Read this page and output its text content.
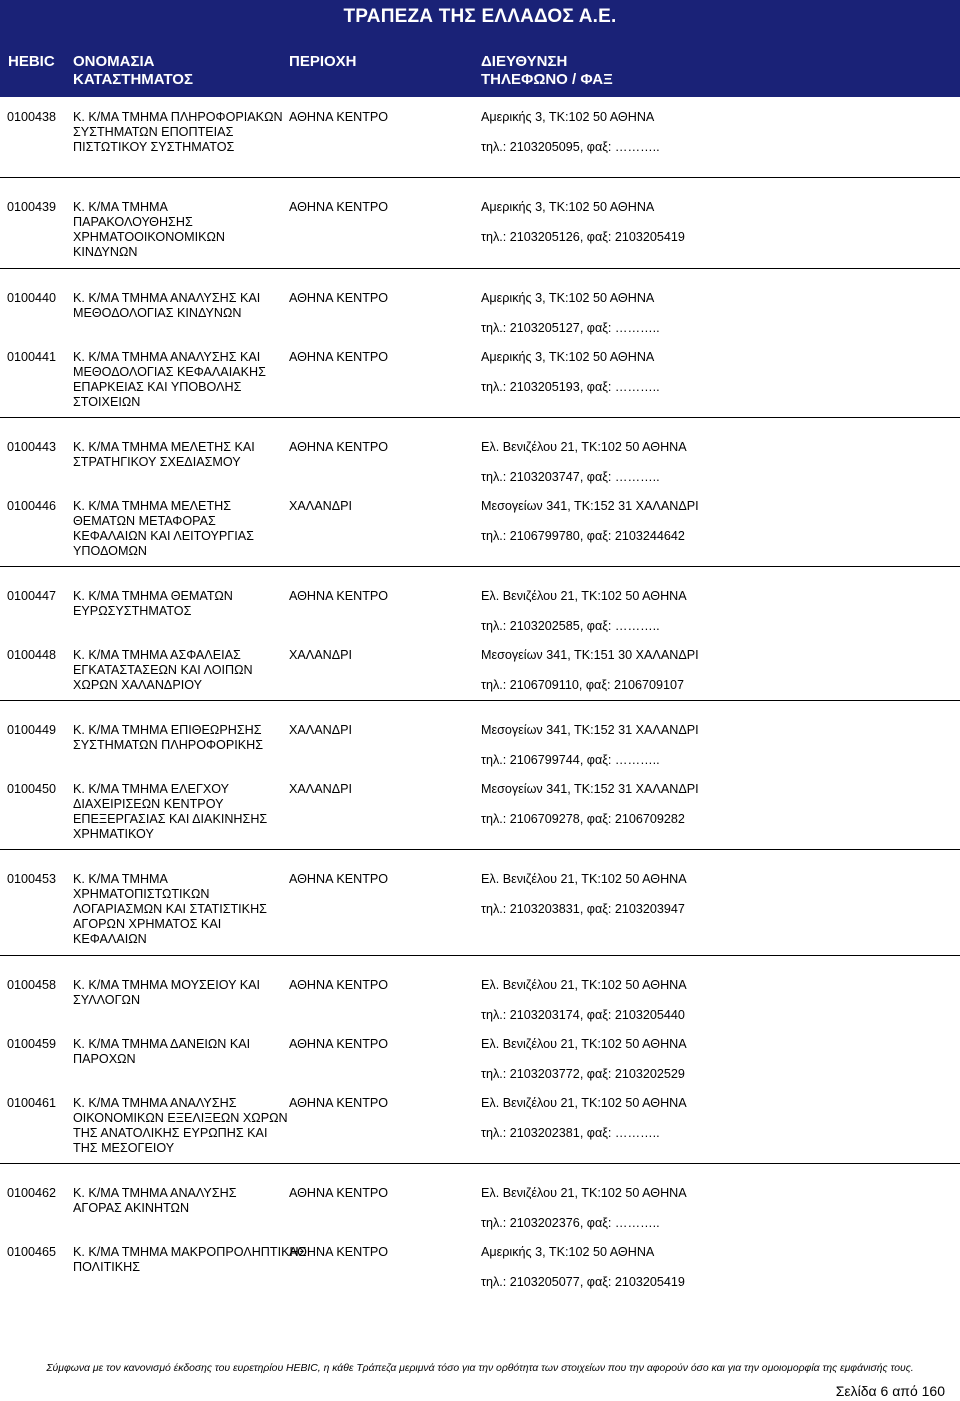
ΤΡΑΠΕΖΑ ΤΗΣ ΕΛΛΑΔΟΣ Α.Ε.
HEBIC ΟΝΟΜΑΣΙΑ
ΚΑΤΑΣΤΗΜΑΤΟΣ
ΠΕΡΙΟΧΗ	ΔΙΕΥΘΥΝΣΗ
ΤΗΛΕΦΩΝΟ / ΦΑΞ
0100438 Κ. Κ/ΜΑ ΤΜΗΜΑ ΠΛΗΡΟΦΟΡΙΑΚΩΝ ΣΥΣΤΗΜΑΤΩΝ ΕΠΟΠΤΕΙΑΣ ΠΙΣΤΩΤΙΚΟΥ ΣΥΣΤΗΜΑΤΟΣ
ΑΘΗΝΑ ΚΕΝΤΡΟ	Αμερικής 3, ΤΚ:102 50 ΑΘΗΝΑ
τηλ.: 2103205095, φαξ: ………..
0100439 Κ. Κ/ΜΑ ΤΜΗΜΑ ΠΑΡΑΚΟΛΟΥΘΗΣΗΣ ΧΡΗΜΑΤΟΟΙΚΟΝΟΜΙΚΩΝ ΚΙΝΔΥΝΩΝ
ΑΘΗΝΑ ΚΕΝΤΡΟ	Αμερικής 3, ΤΚ:102 50 ΑΘΗΝΑ
τηλ.: 2103205126, φαξ: 2103205419
0100440 Κ. Κ/ΜΑ ΤΜΗΜΑ ΑΝΑΛΥΣΗΣ ΚΑΙ ΜΕΘΟΔΟΛΟΓΙΑΣ ΚΙΝΔΥΝΩΝ
ΑΘΗΝΑ ΚΕΝΤΡΟ	Αμερικής 3, ΤΚ:102 50 ΑΘΗΝΑ
τηλ.: 2103205127, φαξ: ………..
0100441 Κ. Κ/ΜΑ ΤΜΗΜΑ ΑΝΑΛΥΣΗΣ ΚΑΙ ΜΕΘΟΔΟΛΟΓΙΑΣ ΚΕΦΑΛΑΙΑΚΗΣ ΕΠΑΡΚΕΙΑΣ ΚΑΙ ΥΠΟΒΟΛΗΣ ΣΤΟΙΧΕΙΩΝ
ΑΘΗΝΑ ΚΕΝΤΡΟ	Αμερικής 3, ΤΚ:102 50 ΑΘΗΝΑ
τηλ.: 2103205193, φαξ: ………..
0100443 Κ. Κ/ΜΑ ΤΜΗΜΑ ΜΕΛΕΤΗΣ ΚΑΙ ΣΤΡΑΤΗΓΙΚΟΥ ΣΧΕΔΙΑΣΜΟΥ
ΑΘΗΝΑ ΚΕΝΤΡΟ	Ελ. Βενιζέλου 21, ΤΚ:102 50 ΑΘΗΝΑ
τηλ.: 2103203747, φαξ: ………..
0100446 Κ. Κ/ΜΑ ΤΜΗΜΑ ΜΕΛΕΤΗΣ ΘΕΜΑΤΩΝ ΜΕΤΑΦΟΡΑΣ ΚΕΦΑΛΑΙΩΝ ΚΑΙ ΛΕΙΤΟΥΡΓΙΑΣ ΥΠΟΔΟΜΩΝ
ΧΑΛΑΝΔΡΙ	Μεσογείων 341, ΤΚ:152 31 ΧΑΛΑΝΔΡΙ
τηλ.: 2106799780, φαξ: 2103244642
0100447 Κ. Κ/ΜΑ ΤΜΗΜΑ ΘΕΜΑΤΩΝ ΕΥΡΩΣΥΣΤΗΜΑΤΟΣ
ΑΘΗΝΑ ΚΕΝΤΡΟ	Ελ. Βενιζέλου 21, ΤΚ:102 50 ΑΘΗΝΑ
τηλ.: 2103202585, φαξ: ………..
0100448 Κ. Κ/ΜΑ ΤΜΗΜΑ ΑΣΦΑΛΕΙΑΣ ΕΓΚΑΤΑΣΤΑΣΕΩΝ ΚΑΙ ΛΟΙΠΩΝ ΧΩΡΩΝ ΧΑΛΑΝΔΡΙΟΥ
ΧΑΛΑΝΔΡΙ	Μεσογείων 341, ΤΚ:151 30 ΧΑΛΑΝΔΡΙ
τηλ.: 2106709110, φαξ: 2106709107
0100449 Κ. Κ/ΜΑ ΤΜΗΜΑ ΕΠΙΘΕΩΡΗΣΗΣ ΣΥΣΤΗΜΑΤΩΝ ΠΛΗΡΟΦΟΡΙΚΗΣ
ΧΑΛΑΝΔΡΙ	Μεσογείων 341, ΤΚ:152 31 ΧΑΛΑΝΔΡΙ
τηλ.: 2106799744, φαξ: ………..
0100450 Κ. Κ/ΜΑ ΤΜΗΜΑ ΕΛΕΓΧΟΥ ΔΙΑΧΕΙΡΙΣΕΩΝ ΚΕΝΤΡΟΥ ΕΠΕΞΕΡΓΑΣΙΑΣ ΚΑΙ ΔΙΑΚΙΝΗΣΗΣ ΧΡΗΜΑΤΙΚΟΥ
ΧΑΛΑΝΔΡΙ	Μεσογείων 341, ΤΚ:152 31 ΧΑΛΑΝΔΡΙ
τηλ.: 2106709278, φαξ: 2106709282
0100453 Κ. Κ/ΜΑ ΤΜΗΜΑ ΧΡΗΜΑΤΟΠΙΣΤΩΤΙΚΩΝ ΛΟΓΑΡΙΑΣΜΩΝ ΚΑΙ ΣΤΑΤΙΣΤΙΚΗΣ ΑΓΟΡΩΝ ΧΡΗΜΑΤΟΣ ΚΑΙ ΚΕΦΑΛΑΙΩΝ
ΑΘΗΝΑ ΚΕΝΤΡΟ	Ελ. Βενιζέλου 21, ΤΚ:102 50 ΑΘΗΝΑ
τηλ.: 2103203831, φαξ: 2103203947
0100458 Κ. Κ/ΜΑ ΤΜΗΜΑ ΜΟΥΣΕΙΟΥ ΚΑΙ ΣΥΛΛΟΓΩΝ
ΑΘΗΝΑ ΚΕΝΤΡΟ	Ελ. Βενιζέλου 21, ΤΚ:102 50 ΑΘΗΝΑ
τηλ.: 2103203174, φαξ: 2103205440
0100459 Κ. Κ/ΜΑ ΤΜΗΜΑ ΔΑΝΕΙΩΝ ΚΑΙ ΠΑΡΟΧΩΝ
ΑΘΗΝΑ ΚΕΝΤΡΟ	Ελ. Βενιζέλου 21, ΤΚ:102 50 ΑΘΗΝΑ
τηλ.: 2103203772, φαξ: 2103202529
0100461 Κ. Κ/ΜΑ ΤΜΗΜΑ ΑΝΑΛΥΣΗΣ ΟΙΚΟΝΟΜΙΚΩΝ ΕΞΕΛΙΞΕΩΝ ΧΩΡΩΝ ΤΗΣ ΑΝΑΤΟΛΙΚΗΣ ΕΥΡΩΠΗΣ ΚΑΙ ΤΗΣ ΜΕΣΟΓΕΙΟΥ
ΑΘΗΝΑ ΚΕΝΤΡΟ	Ελ. Βενιζέλου 21, ΤΚ:102 50 ΑΘΗΝΑ
τηλ.: 2103202381, φαξ: ………..
0100462 Κ. Κ/ΜΑ ΤΜΗΜΑ ΑΝΑΛΥΣΗΣ ΑΓΟΡΑΣ ΑΚΙΝΗΤΩΝ
ΑΘΗΝΑ ΚΕΝΤΡΟ	Ελ. Βενιζέλου 21, ΤΚ:102 50 ΑΘΗΝΑ
τηλ.: 2103202376, φαξ: ………..
0100465 Κ. Κ/ΜΑ ΤΜΗΜΑ ΜΑΚΡΟΠΡΟΛΗΠΤΙΚΗΣ ΠΟΛΙΤΙΚΗΣ
ΑΘΗΝΑ ΚΕΝΤΡΟ	Αμερικής 3, ΤΚ:102 50 ΑΘΗΝΑ
τηλ.: 2103205077, φαξ: 2103205419
Σύμφωνα με τον κανονισμό έκδοσης του ευρετηρίου HEBIC, η κάθε Τράπεζα μεριμνά τόσο για την ορθότητα των στοιχείων που την αφορούν όσο και για την ομοιομορφία της εμφάνισής τους.
Σελίδα 6 από 160
